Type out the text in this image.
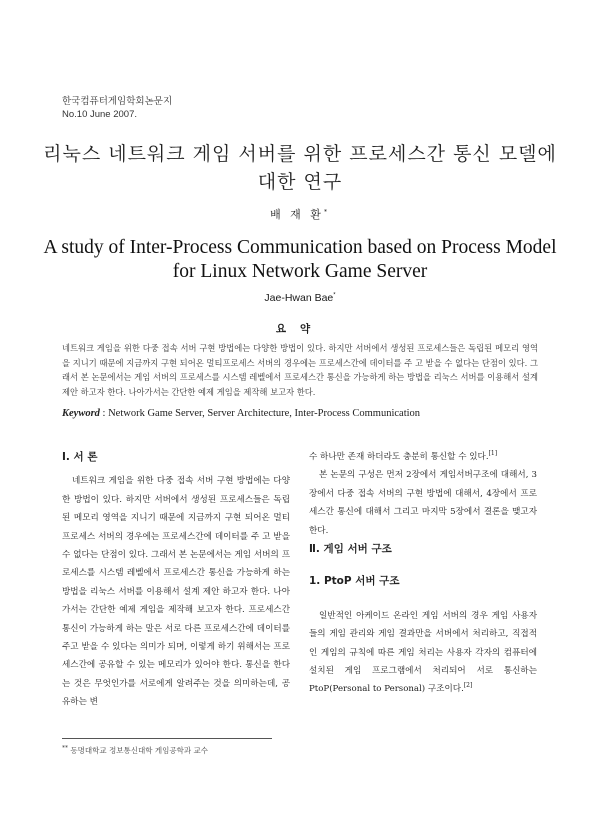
한국컴퓨터게임학회논문지
No.10 June 2007.
리눅스 네트워크 게임 서버를 위한 프로세스간 통신 모델에 대한 연구
배 재 환*
A study of Inter-Process Communication based on Process Model for Linux Network Game Server
Jae-Hwan Bae*
요약
네트워크 게임을 위한 다중 접속 서버 구현 방법에는 다양한 방법이 있다. 하지만 서버에서 생성된 프로세스들은 독립된 메모리 영역을 지니기 때문에 지금까지 구현 되어온 멀티프로세스 서버의 경우에는 프로세스간에 데이터를 주 고 받을 수 없다는 단점이 있다. 그래서 본 논문에서는 게임 서버의 프로세스를 시스템 레벨에서 프로세스간 통신을 가능하게 하는 방법을 리눅스 서버를 이용해서 설계 제안 하고자 한다. 나아가서는 간단한 예제 게임을 제작해 보고자 한다.
Keyword : Network Game Server, Server Architecture, Inter-Process Communication
Ⅰ. 서 론
네트워크 게임을 위한 다중 접속 서버 구현 방법에는 다양한 방법이 있다. 하지만 서버에서 생성된 프로세스들은 독립된 메모리 영역을 지니기 때문에 지금까지 구현 되어온 멀티프로세스 서버의 경우에는 프로세스간에 데이터를 주 고 받을 수 없다는 단점이 있다. 그래서 본 논문에서는 게임 서버의 프로세스를 시스템 레벨에서 프로세스간 통신을 가능하게 하는 방법을 리눅스 서버를 이용해서 설계 제안 하고자 한다. 나아가서는 간단한 예제 게임을 제작해 보고자 한다. 프로세스간 통신이 가능하게 하는 말은 서로 다른 프로세스간에 데이터를 주고 받을 수 있다는 의미가 되며, 이렇게 하기 위해서는 프로세스간에 공유할 수 있는 메모리가 있어야 한다. 통신을 한다는 것은 무엇인가를 서로에게 알려주는 것을 의미하는데, 공유하는 변
수 하나만 존재 하더라도 충분히 통신할 수 있다.[1]
본 논문의 구성은 먼저 2장에서 게임서버구조에 대해서, 3장에서 다중 접속 서버의 구현 방법에 대해서, 4장에서 프로세스간 통신에 대해서 그리고 마지막 5장에서 결론을 맺고자 한다.
Ⅱ. 게임 서버 구조
1. PtoP 서버 구조
일반적인 아케이드 온라인 게임 서버의 경우 게임 사용자들의 게임 관리와 게임 결과만을 서버에서 처리하고, 직접적인 게임의 규칙에 따른 게임 처리는 사용자 각자의 컴퓨터에 설치된 게임 프로그램에서 처리되어 서로 통신하는 PtoP(Personal to Personal) 구조이다.[2]
** 동명대학교 정보통신대학 게임공학과 교수
